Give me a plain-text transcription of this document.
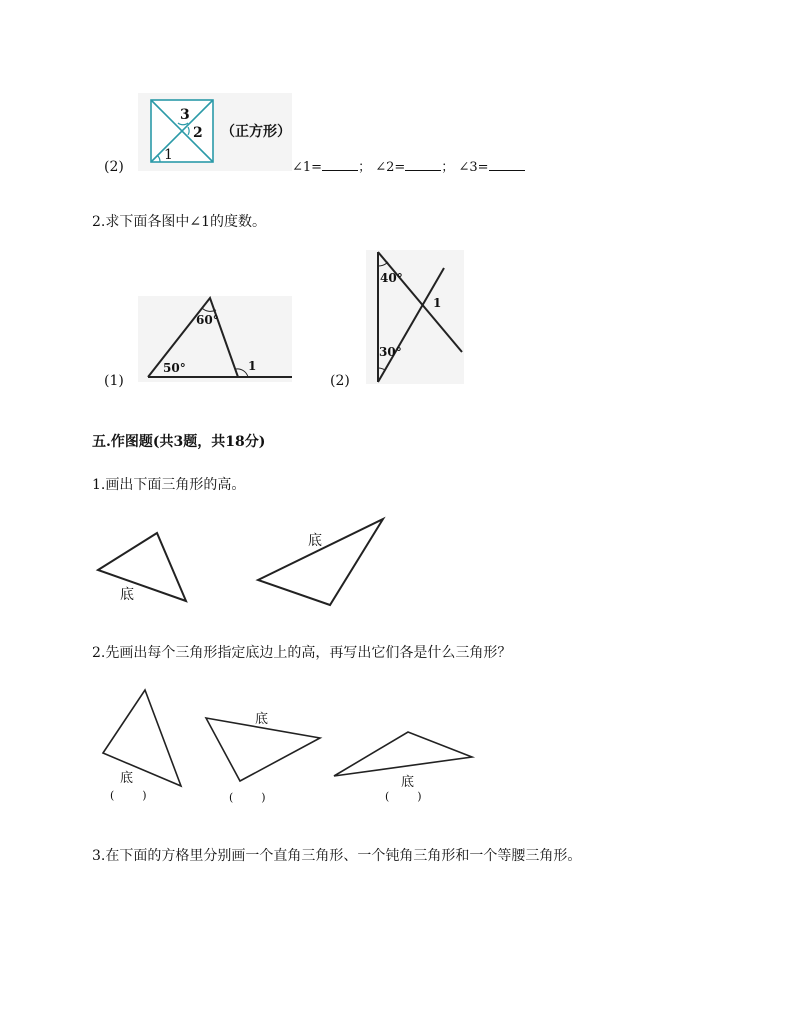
(2)
1
2
3
（正方形）
∠1=	； ∠2=	； ∠3=
2.求下面各图中∠1的度数。
60°
50°	1
(1)
40°
30°
1
(2)
五.作图题(共3题，共18分)
1.画出下面三角形的高。
底
底
2.先画出每个三角形指定底边上的高，再写出它们各是什么三角形？
底
底
底
(        )	(        )	(        )
3.在下面的方格里分别画一个直角三角形、一个钝角三角形和一个等腰三角形。
